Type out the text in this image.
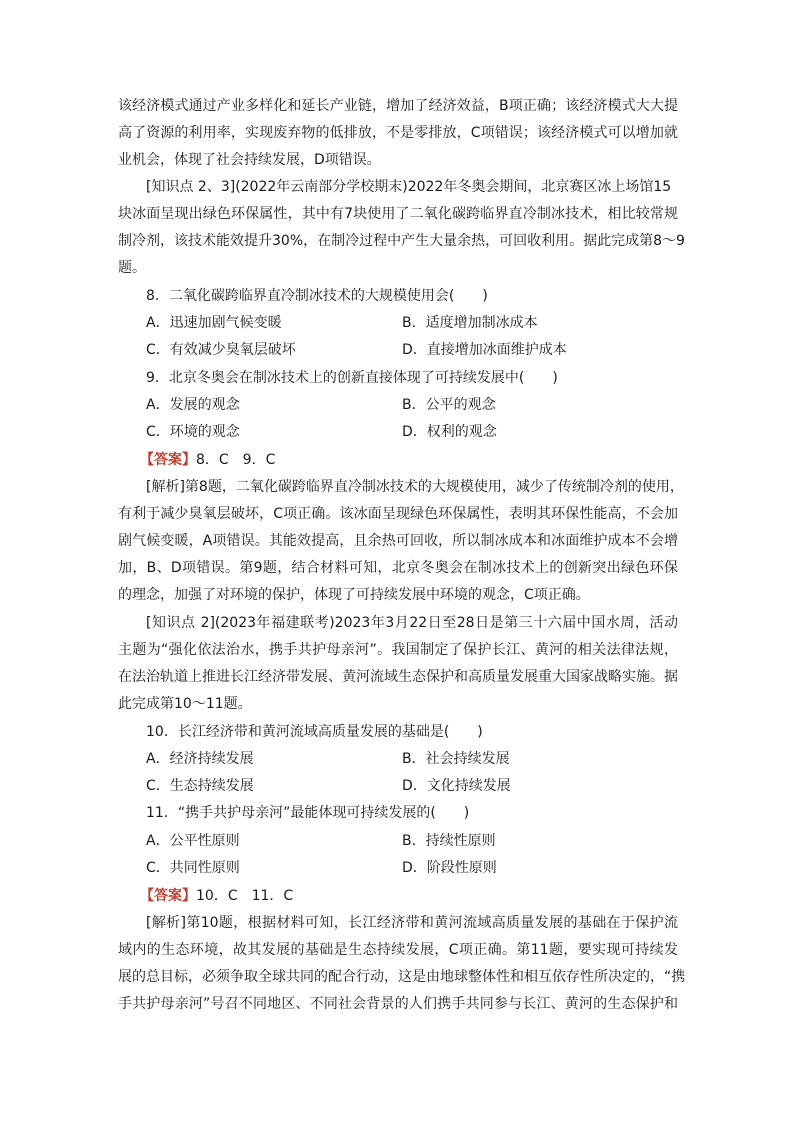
该经济模式通过产业多样化和延长产业链，增加了经济效益，B项正确；该经济模式大大提
高了资源的利用率，实现废弃物的低排放，不是零排放，C项错误；该经济模式可以增加就
业机会，体现了社会持续发展，D项错误。
[知识点 2、3](2022年云南部分学校期末)2022年冬奥会期间，北京赛区冰上场馆15
块冰面呈现出绿色环保属性，其中有7块使用了二氧化碳跨临界直冷制冰技术，相比较常规
制冷剂，该技术能效提升30%，在制冷过程中产生大量余热，可回收利用。据此完成第8～9
题。
8．二氧化碳跨临界直冷制冰技术的大规模使用会(　　)
A．迅速加剧气候变暖	B．适度增加制冰成本
C．有效减少臭氧层破坏	D．直接增加冰面维护成本
9．北京冬奥会在制冰技术上的创新直接体现了可持续发展中(　　)
A．发展的观念	B．公平的观念
C．环境的观念	D．权利的观念
【答案】8．C　9．C
[解析]第8题，二氧化碳跨临界直冷制冰技术的大规模使用，减少了传统制冷剂的使用，
有利于减少臭氧层破坏，C项正确。该冰面呈现绿色环保属性，表明其环保性能高，不会加
剧气候变暖，A项错误。其能效提高，且余热可回收，所以制冰成本和冰面维护成本不会增
加，B、D项错误。第9题，结合材料可知，北京冬奥会在制冰技术上的创新突出绿色环保
的理念，加强了对环境的保护，体现了可持续发展中环境的观念，C项正确。
[知识点 2](2023年福建联考)2023年3月22日至28日是第三十六届中国水周，活动
主题为“强化依法治水，携手共护母亲河”。我国制定了保护长江、黄河的相关法律法规，
在法治轨道上推进长江经济带发展、黄河流域生态保护和高质量发展重大国家战略实施。据
此完成第10～11题。
10．长江经济带和黄河流域高质量发展的基础是(　　)
A．经济持续发展	B．社会持续发展
C．生态持续发展	D．文化持续发展
11．“携手共护母亲河”最能体现可持续发展的(　　)
A．公平性原则	B．持续性原则
C．共同性原则	D．阶段性原则
【答案】10．C　11．C
[解析]第10题，根据材料可知，长江经济带和黄河流域高质量发展的基础在于保护流
域内的生态环境，故其发展的基础是生态持续发展，C项正确。第11题，要实现可持续发
展的总目标，必须争取全球共同的配合行动，这是由地球整体性和相互依存性所决定的，“携
手共护母亲河”号召不同地区、不同社会背景的人们携手共同参与长江、黄河的生态保护和
